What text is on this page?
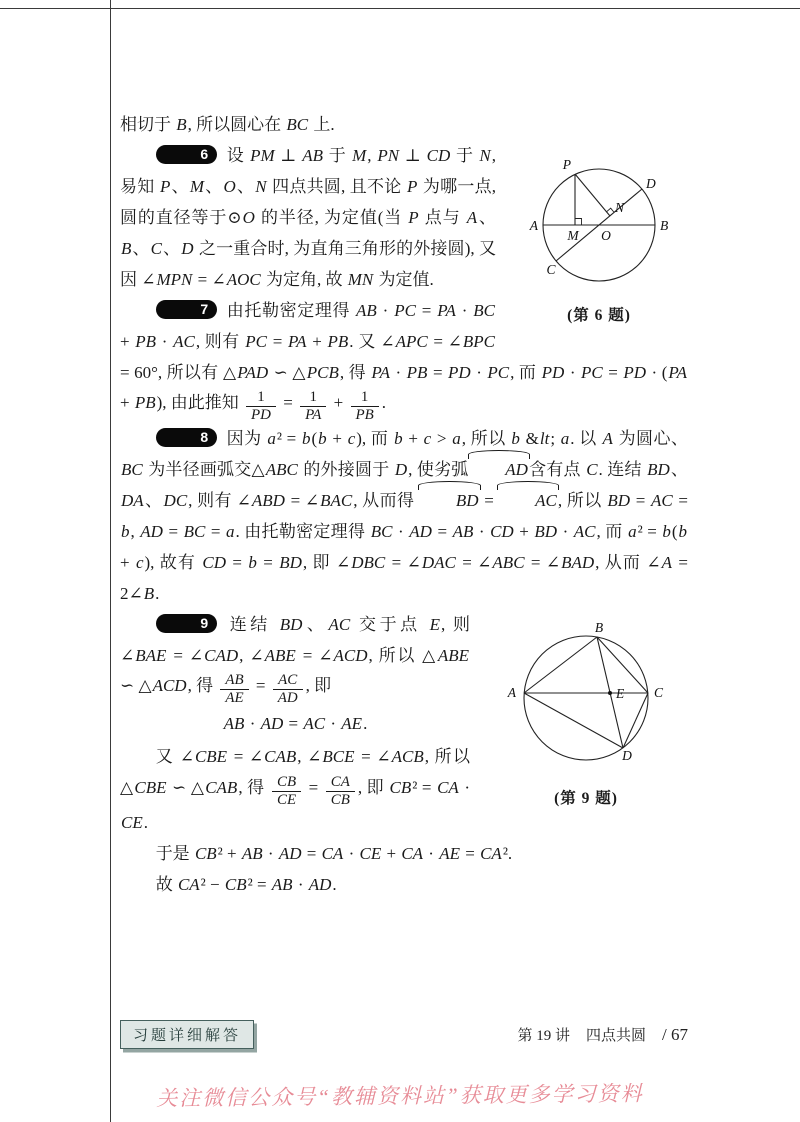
相切于 B, 所以圆心在 BC 上.

P
D
A	B
M O
N
C
(第 6 题)

6 设 PM ⊥ AB 于 M, PN ⊥ CD 于 N, 易知 P、M、O、N 四点共圆, 且不论 P 为哪一点, 圆的直径等于⊙O 的半径, 为定值(当 P 点与 A、B、C、D 之一重合时, 为直角三角形的外接圆), 又因 ∠MPN = ∠AOC 为定角, 故 MN 为定值.

7 由托勒密定理得 AB · PC = PA · BC + PB · AC, 则有 PC = PA + PB. 又 ∠APC = ∠BPC = 60°, 所以有 △PAD ∽ △PCB, 得 PA · PB = PD · PC, 而 PD · PC = PD · (PA + PB), 由此推知 $\frac{1}{PD} = \frac{1}{PA} + \frac{1}{PB}$ .

8 因为 a² = b(b + c), 而 b + c > a, 所以 b &lt; a. 以 A 为圆心、BC 为半径画弧交△ABC 的外接圆于 D, 使劣弧 AD含有点 C. 连结 BD、DA、DC, 则有 ∠ABD = ∠BAC, 从而得 BD = AC, 所以 BD = AC = b, AD = BC = a. 由托勒密定理得 BC · AD = AB · CD + BD · AC, 而 a² = b(b + c), 故有 CD = b = BD, 即 ∠DBC = ∠DAC = ∠ABC = ∠BAD, 从而 ∠A = 2∠B.

B
A	C
D
E
(第 9 题)

9 连结 BD、AC 交于点 E, 则 ∠BAE = ∠CAD, ∠ABE = ∠ACD, 所以 △ABE ∽ △ACD, 得 $\frac{AB}{AE} = \frac{AC}{AD}$ , 即

AB · AD = AC · AE.

又 ∠CBE = ∠CAB, ∠BCE = ∠ACB, 所以 △CBE ∽ △CAB, 得 $\frac{CB}{CE} = \frac{CA}{CB}$ , 即 CB² = CA · CE.

于是 CB² + AB · AD = CA · CE + CA · AE = CA².

故 CA² − CB² = AB · AD.

习题详细解答	第 19 讲 四点共圆 / 67
关注微信公众号“教辅资料站”获取更多学习资料
